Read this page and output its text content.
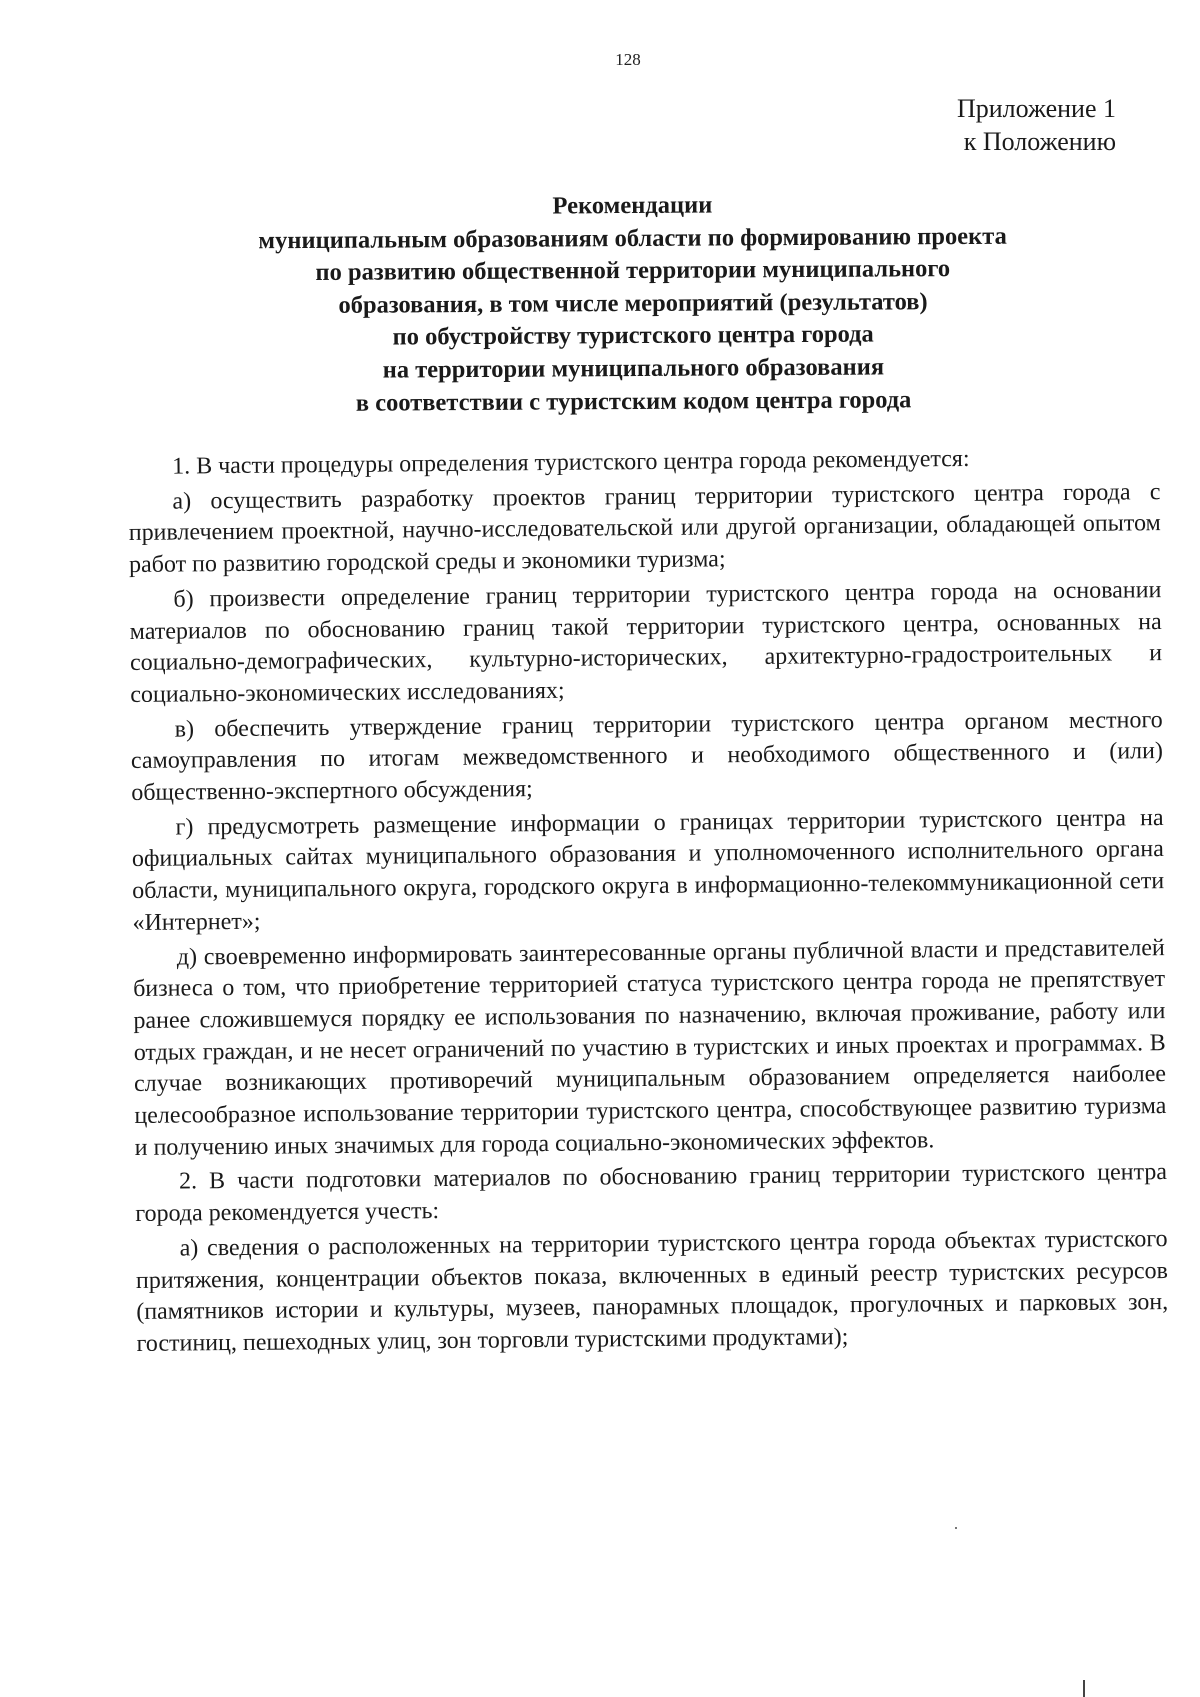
128
Приложение 1
к Положению
Рекомендации
муниципальным образованиям области по формированию проекта
по развитию общественной территории муниципального
образования, в том числе мероприятий (результатов)
по обустройству туристского центра города
на территории муниципального образования
в соответствии с туристским кодом центра города

1. В части процедуры определения туристского центра города рекомендуется:

а) осуществить разработку проектов границ территории туристского центра города с привлечением проектной, научно-исследовательской или другой организации, обладающей опытом работ по развитию городской среды и экономики туризма;

б) произвести определение границ территории туристского центра города на основании материалов по обоснованию границ такой территории туристского центра, основанных на социально-демографических, культурно-исторических, архитектурно-градостроительных и социально-экономических исследованиях;

в) обеспечить утверждение границ территории туристского центра органом местного самоуправления по итогам межведомственного и необходимого общественного и (или) общественно-экспертного обсуждения;

г) предусмотреть размещение информации о границах территории туристского центра на официальных сайтах муниципального образования и уполномоченного исполнительного органа области, муниципального округа, городского округа в информационно-телекоммуникационной сети «Интернет»;

д) своевременно информировать заинтересованные органы публичной власти и представителей бизнеса о том, что приобретение территорией статуса туристского центра города не препятствует ранее сложившемуся порядку ее использования по назначению, включая проживание, работу или отдых граждан, и не несет ограничений по участию в туристских и иных проектах и программах. В случае возникающих противоречий муниципальным образованием определяется наиболее целесообразное использование территории туристского центра, способствующее развитию туризма и получению иных значимых для города социально-экономических эффектов.

2. В части подготовки материалов по обоснованию границ территории туристского центра города рекомендуется учесть:

а) сведения о расположенных на территории туристского центра города объектах туристского притяжения, концентрации объектов показа, включенных в единый реестр туристских ресурсов (памятников истории и культуры, музеев, панорамных площадок, прогулочных и парковых зон, гостиниц, пешеходных улиц, зон торговли туристскими продуктами);
